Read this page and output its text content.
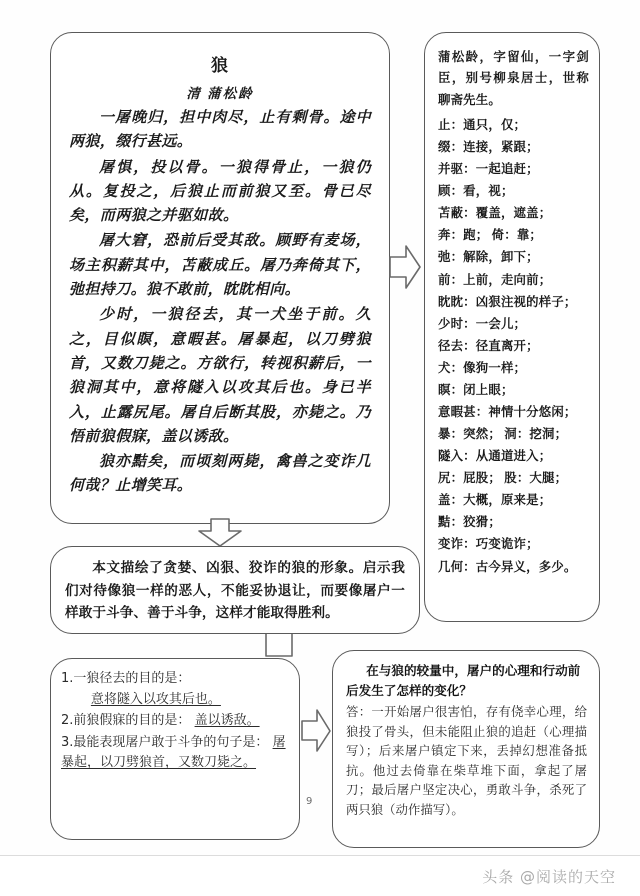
狼
清 蒲松龄

一屠晚归，担中肉尽，止有剩骨。途中两狼，缀行甚远。

屠惧，投以骨。一狼得骨止，一狼仍从。复投之，后狼止而前狼又至。骨已尽矣，而两狼之并驱如故。

屠大窘，恐前后受其敌。顾野有麦场，场主积薪其中，苫蔽成丘。屠乃奔倚其下，弛担持刀。狼不敢前，眈眈相向。

少时，一狼径去，其一犬坐于前。久之，目似瞑，意暇甚。屠暴起，以刀劈狼首，又数刀毙之。方欲行，转视积薪后，一狼洞其中，意将隧入以攻其后也。身已半入，止露尻尾。屠自后断其股，亦毙之。乃悟前狼假寐，盖以诱敌。

狼亦黠矣，而顷刻两毙，禽兽之变诈几何哉？止增笑耳。

蒲松龄，字留仙，一字剑臣，别号柳泉居士，世称聊斋先生。

止：通只，仅；
缀：连接，紧跟；
并驱：一起追赶；
顾：看，视；
苫蔽：覆盖，遮盖；
奔：跑； 倚：靠；
弛：解除，卸下；
前：上前，走向前；
眈眈：凶狠注视的样子；
少时：一会儿；
径去：径直离开；
犬：像狗一样；
瞑：闭上眼；
意暇甚：神情十分悠闲；
暴：突然； 洞：挖洞；
隧入：从通道进入；
尻：屁股； 股：大腿；
盖：大概，原来是；
黠：狡猾；
变诈：巧变诡诈；
几何：古今异义，多少。

本文描绘了贪婪、凶狠、狡诈的狼的形象。启示我们对待像狼一样的恶人，不能妥协退让，而要像屠户一样敢于斗争、善于斗争，这样才能取得胜利。

1.一狼径去的目的是：
意将隧入以攻其后也。

2.前狼假寐的目的是： 盖以诱敌。

3.最能表现屠户敢于斗争的句子是： 屠暴起，以刀劈狼首，又数刀毙之。

在与狼的较量中，屠户的心理和行动前后发生了怎样的变化？

答：一开始屠户很害怕，存有侥幸心理，给狼投了骨头，但未能阻止狼的追赶（心理描写）；后来屠户镇定下来，丢掉幻想准备抵抗。他过去倚靠在柴草堆下面，拿起了屠刀；最后屠户坚定决心，勇敢斗争，杀死了两只狼（动作描写）。

9
头条 @阅读的天空
